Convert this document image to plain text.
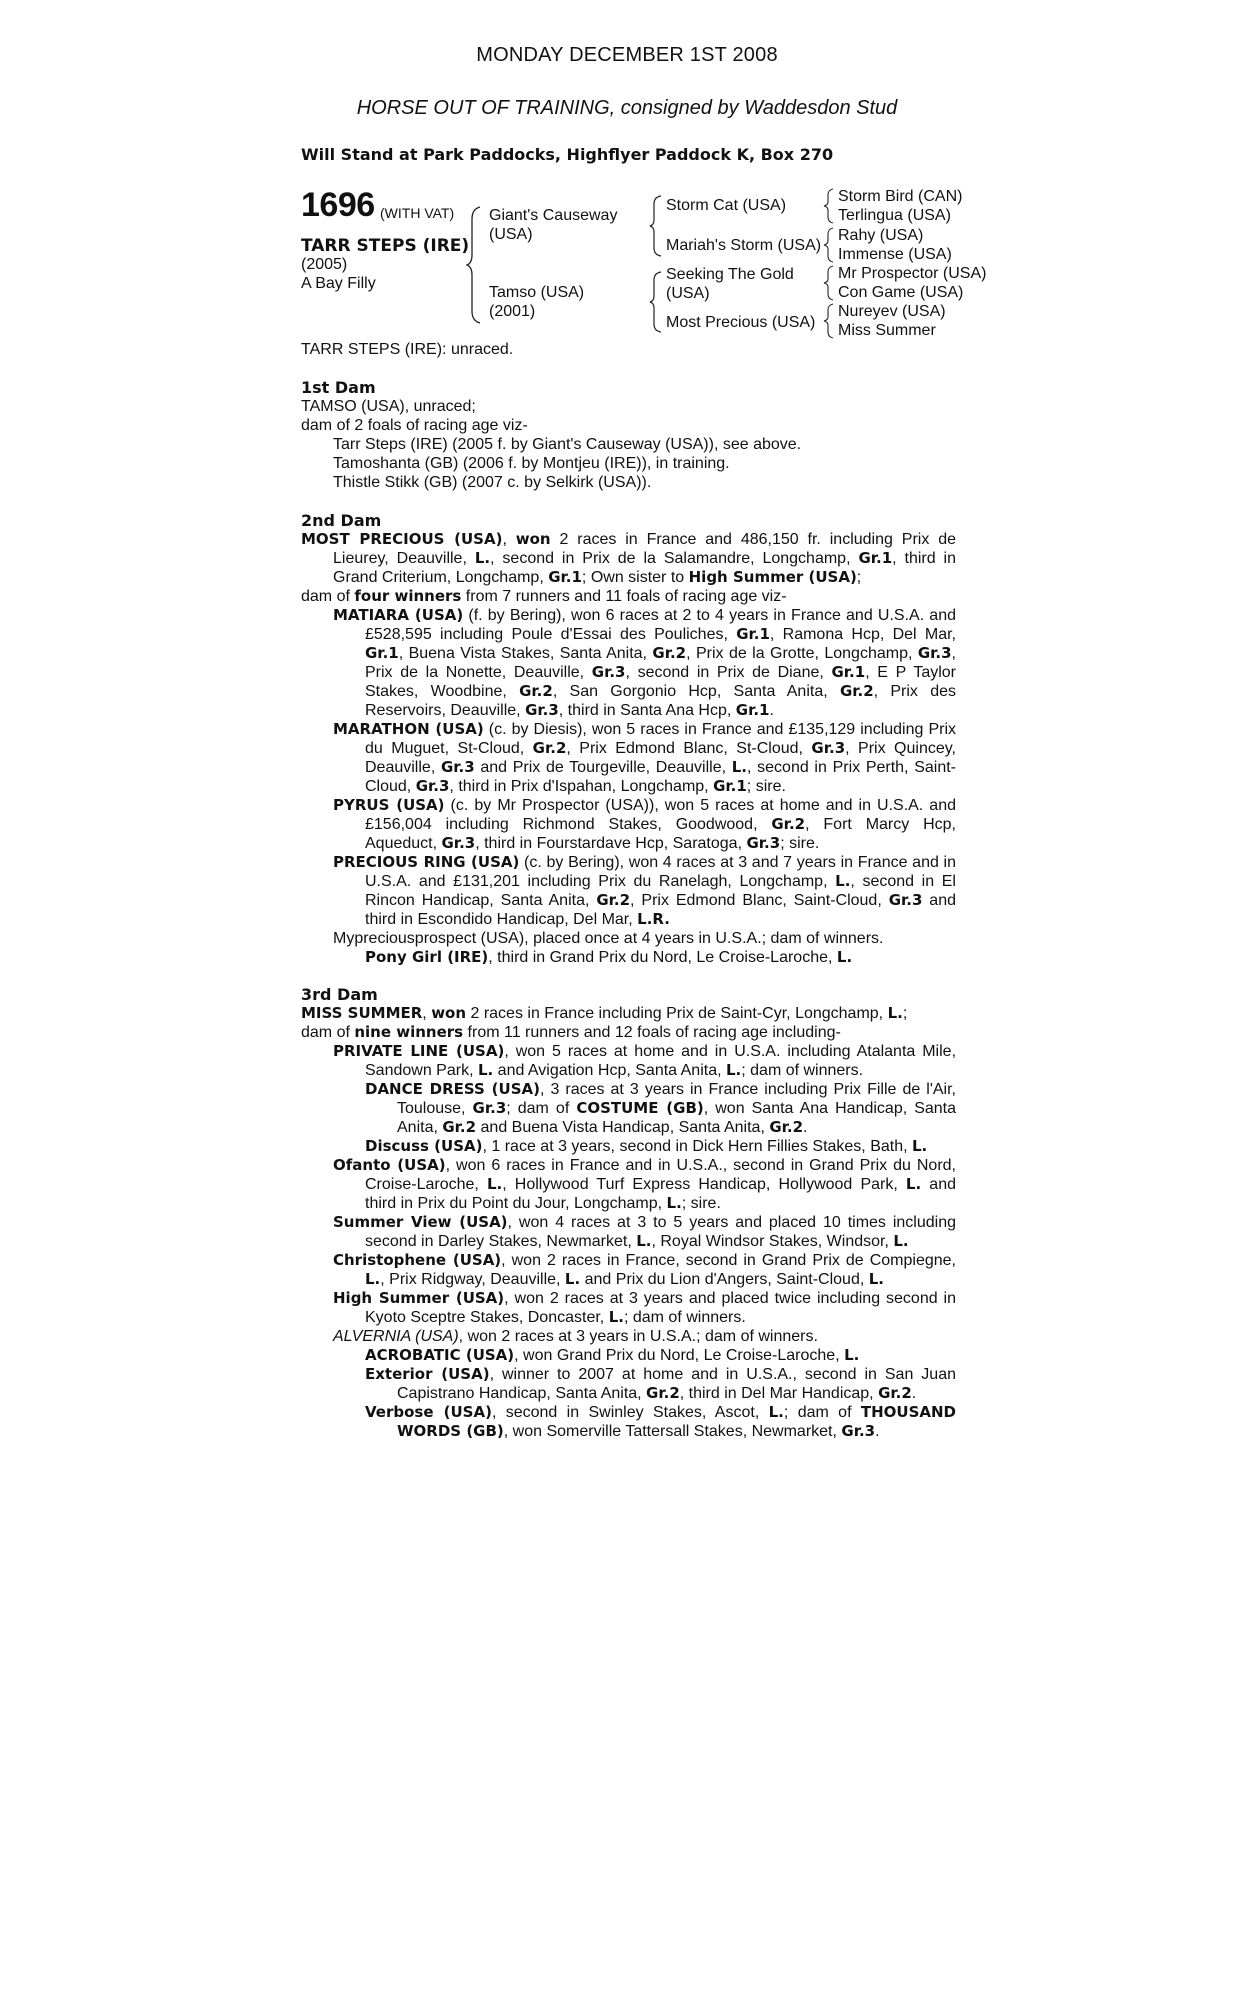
MONDAY DECEMBER 1ST 2008
HORSE OUT OF TRAINING, consigned by Waddesdon Stud
Will Stand at Park Paddocks, Highflyer Paddock K, Box 270
1696 (WITH VAT)
TARR STEPS (IRE)
(2005)
A Bay Filly
Giant's Causeway (USA)
Tamso (USA) (2001)
Storm Cat (USA)
Mariah's Storm (USA)
Seeking The Gold (USA)
Most Precious (USA)
Storm Bird (CAN)
Terlingua (USA)
Rahy (USA)
Immense (USA)
Mr Prospector (USA)
Con Game (USA)
Nureyev (USA)
Miss Summer
TARR STEPS (IRE): unraced.
1st Dam

TAMSO (USA), unraced;

dam of 2 foals of racing age viz-

Tarr Steps (IRE) (2005 f. by Giant's Causeway (USA)), see above.

Tamoshanta (GB) (2006 f. by Montjeu (IRE)), in training.

Thistle Stikk (GB) (2007 c. by Selkirk (USA)).

2nd Dam

MOST PRECIOUS (USA), won 2 races in France and 486,150 fr. including Prix de Lieurey, Deauville, L., second in Prix de la Salamandre, Longchamp, Gr.1, third in Grand Criterium, Longchamp, Gr.1; Own sister to High Summer (USA);

dam of four winners from 7 runners and 11 foals of racing age viz-

MATIARA (USA) (f. by Bering), won 6 races at 2 to 4 years in France and U.S.A. and £528,595 including Poule d'Essai des Pouliches, Gr.1, Ramona Hcp, Del Mar, Gr.1, Buena Vista Stakes, Santa Anita, Gr.2, Prix de la Grotte, Longchamp, Gr.3, Prix de la Nonette, Deauville, Gr.3, second in Prix de Diane, Gr.1, E P Taylor Stakes, Woodbine, Gr.2, San Gorgonio Hcp, Santa Anita, Gr.2, Prix des Reservoirs, Deauville, Gr.3, third in Santa Ana Hcp, Gr.1.

MARATHON (USA) (c. by Diesis), won 5 races in France and £135,129 including Prix du Muguet, St-Cloud, Gr.2, Prix Edmond Blanc, St-Cloud, Gr.3, Prix Quincey, Deauville, Gr.3 and Prix de Tourgeville, Deauville, L., second in Prix Perth, Saint-Cloud, Gr.3, third in Prix d'Ispahan, Longchamp, Gr.1; sire.

PYRUS (USA) (c. by Mr Prospector (USA)), won 5 races at home and in U.S.A. and £156,004 including Richmond Stakes, Goodwood, Gr.2, Fort Marcy Hcp, Aqueduct, Gr.3, third in Fourstardave Hcp, Saratoga, Gr.3; sire.

PRECIOUS RING (USA) (c. by Bering), won 4 races at 3 and 7 years in France and in U.S.A. and £131,201 including Prix du Ranelagh, Longchamp, L., second in El Rincon Handicap, Santa Anita, Gr.2, Prix Edmond Blanc, Saint-Cloud, Gr.3 and third in Escondido Handicap, Del Mar, L.R.

Mypreciousprospect (USA), placed once at 4 years in U.S.A.; dam of winners.

Pony Girl (IRE), third in Grand Prix du Nord, Le Croise-Laroche, L.

3rd Dam

MISS SUMMER, won 2 races in France including Prix de Saint-Cyr, Longchamp, L.;

dam of nine winners from 11 runners and 12 foals of racing age including-

PRIVATE LINE (USA), won 5 races at home and in U.S.A. including Atalanta Mile, Sandown Park, L. and Avigation Hcp, Santa Anita, L.; dam of winners.

DANCE DRESS (USA), 3 races at 3 years in France including Prix Fille de l'Air, Toulouse, Gr.3; dam of COSTUME (GB), won Santa Ana Handicap, Santa Anita, Gr.2 and Buena Vista Handicap, Santa Anita, Gr.2.

Discuss (USA), 1 race at 3 years, second in Dick Hern Fillies Stakes, Bath, L.

Ofanto (USA), won 6 races in France and in U.S.A., second in Grand Prix du Nord, Croise-Laroche, L., Hollywood Turf Express Handicap, Hollywood Park, L. and third in Prix du Point du Jour, Longchamp, L.; sire.

Summer View (USA), won 4 races at 3 to 5 years and placed 10 times including second in Darley Stakes, Newmarket, L., Royal Windsor Stakes, Windsor, L.

Christophene (USA), won 2 races in France, second in Grand Prix de Compiegne, L., Prix Ridgway, Deauville, L. and Prix du Lion d'Angers, Saint-Cloud, L.

High Summer (USA), won 2 races at 3 years and placed twice including second in Kyoto Sceptre Stakes, Doncaster, L.; dam of winners.

ALVERNIA (USA), won 2 races at 3 years in U.S.A.; dam of winners.

ACROBATIC (USA), won Grand Prix du Nord, Le Croise-Laroche, L.

Exterior (USA), winner to 2007 at home and in U.S.A., second in San Juan Capistrano Handicap, Santa Anita, Gr.2, third in Del Mar Handicap, Gr.2.

Verbose (USA), second in Swinley Stakes, Ascot, L.; dam of THOUSAND WORDS (GB), won Somerville Tattersall Stakes, Newmarket, Gr.3.
